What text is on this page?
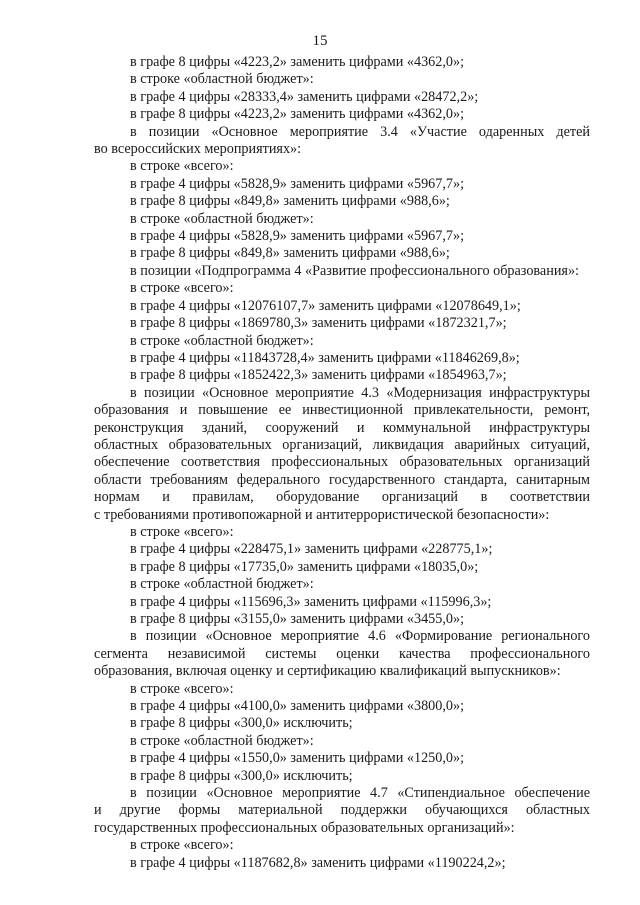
15
в графе 8 цифры «4223,2» заменить цифрами «4362,0»;
в строке «областной бюджет»:
в графе 4 цифры «28333,4» заменить цифрами «28472,2»;
в графе 8 цифры «4223,2» заменить цифрами «4362,0»;
в позиции «Основное мероприятие 3.4 «Участие одаренных детей
во всероссийских мероприятиях»:
в строке «всего»:
в графе 4 цифры «5828,9» заменить цифрами «5967,7»;
в графе 8 цифры «849,8» заменить цифрами «988,6»;
в строке «областной бюджет»:
в графе 4 цифры «5828,9» заменить цифрами «5967,7»;
в графе 8 цифры «849,8» заменить цифрами «988,6»;
в позиции «Подпрограмма 4 «Развитие профессионального образования»:
в строке «всего»:
в графе 4 цифры «12076107,7» заменить цифрами «12078649,1»;
в графе 8 цифры «1869780,3» заменить цифрами «1872321,7»;
в строке «областной бюджет»:
в графе 4 цифры «11843728,4» заменить цифрами «11846269,8»;
в графе 8 цифры «1852422,3» заменить цифрами «1854963,7»;
в позиции «Основное мероприятие 4.3 «Модернизация инфраструктуры
образования и повышение ее инвестиционной привлекательности, ремонт,
реконструкция зданий, сооружений и коммунальной инфраструктуры
областных образовательных организаций, ликвидация аварийных ситуаций,
обеспечение соответствия профессиональных образовательных организаций
области требованиям федерального государственного стандарта, санитарным
нормам и правилам, оборудование организаций в соответствии
с требованиями противопожарной и антитеррористической безопасности»:
в строке «всего»:
в графе 4 цифры «228475,1» заменить цифрами «228775,1»;
в графе 8 цифры «17735,0» заменить цифрами «18035,0»;
в строке «областной бюджет»:
в графе 4 цифры «115696,3» заменить цифрами «115996,3»;
в графе 8 цифры «3155,0» заменить цифрами «3455,0»;
в позиции «Основное мероприятие 4.6 «Формирование регионального
сегмента независимой системы оценки качества профессионального
образования, включая оценку и сертификацию квалификаций выпускников»:
в строке «всего»:
в графе 4 цифры «4100,0» заменить цифрами «3800,0»;
в графе 8 цифры «300,0» исключить;
в строке «областной бюджет»:
в графе 4 цифры «1550,0» заменить цифрами «1250,0»;
в графе 8 цифры «300,0» исключить;
в позиции «Основное мероприятие 4.7 «Стипендиальное обеспечение
и другие формы материальной поддержки обучающихся областных
государственных профессиональных образовательных организаций»:
в строке «всего»:
в графе 4 цифры «1187682,8» заменить цифрами «1190224,2»;
